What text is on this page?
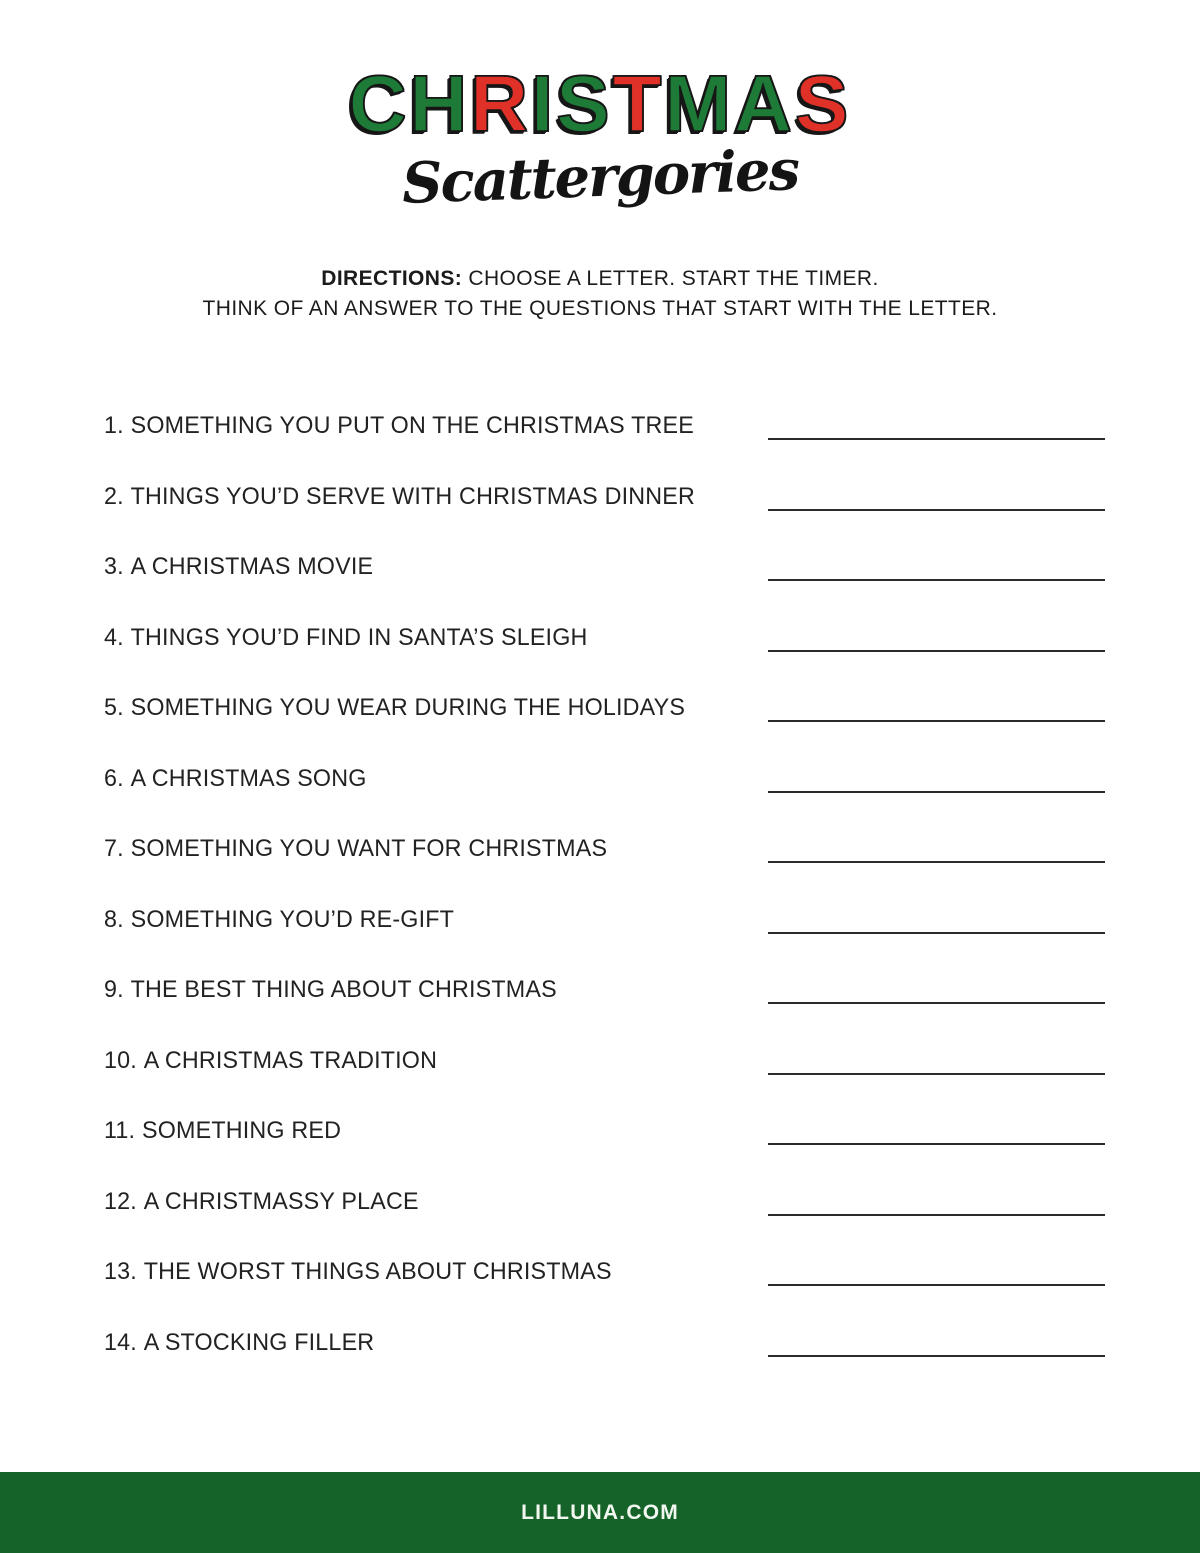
CHRISTMAS
Scattergories
DIRECTIONS: CHOOSE A LETTER. START THE TIMER.
THINK OF AN ANSWER TO THE QUESTIONS THAT START WITH THE LETTER.
1. SOMETHING YOU PUT ON THE CHRISTMAS TREE
2. THINGS YOU’D SERVE WITH CHRISTMAS DINNER
3. A CHRISTMAS MOVIE
4. THINGS YOU’D FIND IN SANTA’S SLEIGH
5. SOMETHING YOU WEAR DURING THE HOLIDAYS
6. A CHRISTMAS SONG
7. SOMETHING YOU WANT FOR CHRISTMAS
8. SOMETHING YOU’D RE-GIFT
9. THE BEST THING ABOUT CHRISTMAS
10. A CHRISTMAS TRADITION
11. SOMETHING RED
12. A CHRISTMASSY PLACE
13. THE WORST THINGS ABOUT CHRISTMAS
14. A STOCKING FILLER
LILLUNA.COM
